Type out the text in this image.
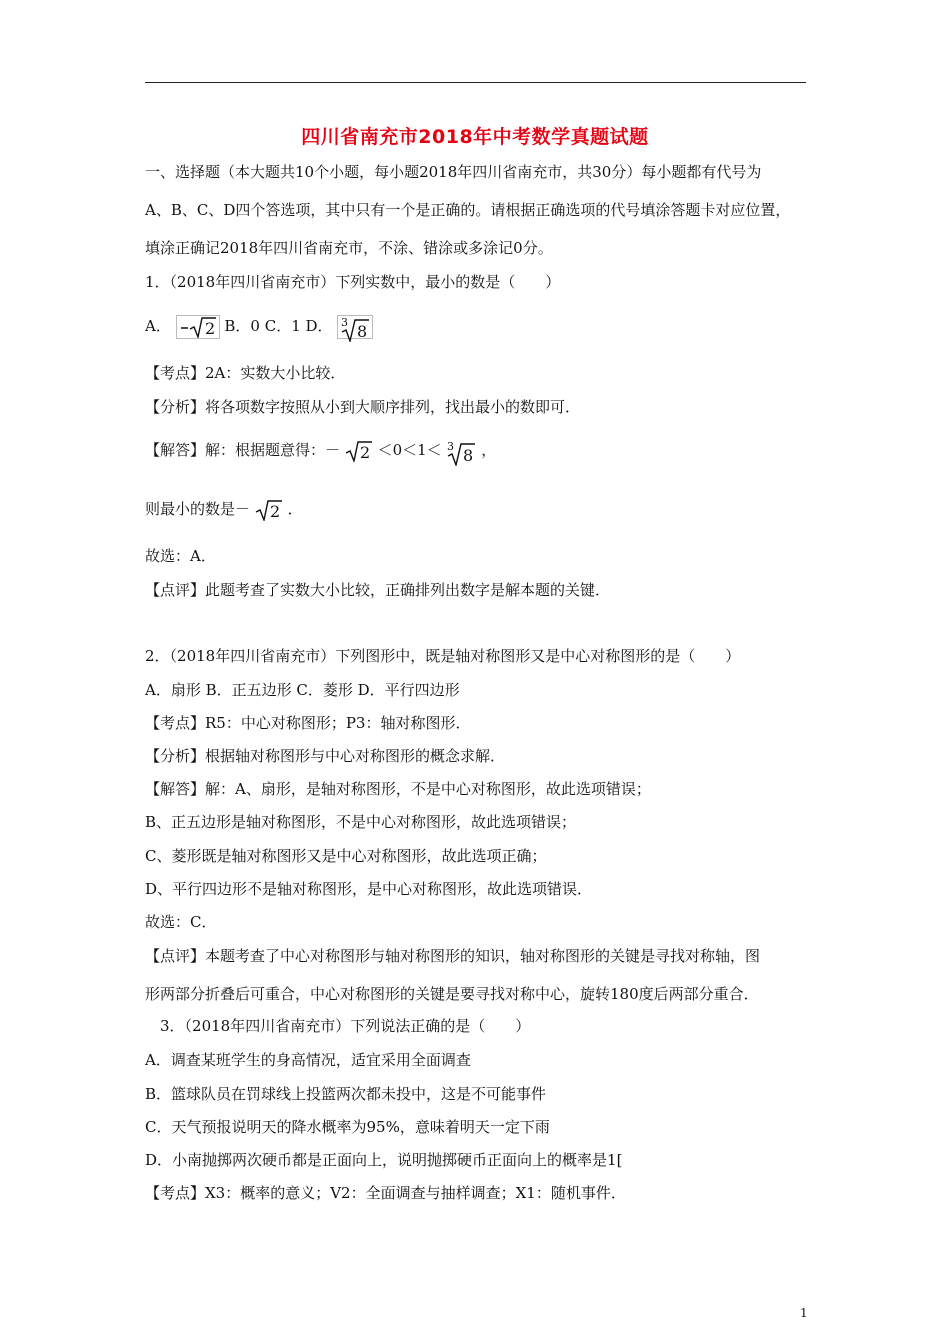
四川省南充市2018年中考数学真题试题
一、选择题（本大题共10个小题，每小题2018年四川省南充市，共30分）每小题都有代号为
A、B、C、D四个答选项，其中只有一个是正确的。请根据正确选项的代号填涂答题卡对应位置，
填涂正确记2018年四川省南充市，不涂、错涂或多涂记0分。
1．（2018年四川省南充市）下列实数中，最小的数是（　　）
A． 2 B．0 C．1 D． 3 8
【考点】2A：实数大小比较．
【分析】将各项数字按照从小到大顺序排列，找出最小的数即可．
【解答】解：根据题意得：－ 2 ＜0＜1＜ 3 8 ，
则最小的数是－ 2 ．
故选：A．
【点评】此题考查了实数大小比较，正确排列出数字是解本题的关键．
2．（2018年四川省南充市）下列图形中，既是轴对称图形又是中心对称图形的是（　　）
A．扇形 B．正五边形 C．菱形 D．平行四边形
【考点】R5：中心对称图形；P3：轴对称图形．
【分析】根据轴对称图形与中心对称图形的概念求解．
【解答】解：A、扇形，是轴对称图形，不是中心对称图形，故此选项错误；
B、正五边形是轴对称图形，不是中心对称图形，故此选项错误；
C、菱形既是轴对称图形又是中心对称图形，故此选项正确；
D、平行四边形不是轴对称图形，是中心对称图形，故此选项错误．
故选：C．
【点评】本题考查了中心对称图形与轴对称图形的知识，轴对称图形的关键是寻找对称轴，图
形两部分折叠后可重合，中心对称图形的关键是要寻找对称中心，旋转180度后两部分重合．
3．（2018年四川省南充市）下列说法正确的是（　　）
A．调查某班学生的身高情况，适宜采用全面调查
B．篮球队员在罚球线上投篮两次都未投中，这是不可能事件
C．天气预报说明天的降水概率为95%，意味着明天一定下雨
D．小南抛掷两次硬币都是正面向上，说明抛掷硬币正面向上的概率是1[
【考点】X3：概率的意义；V2：全面调查与抽样调查；X1：随机事件．
1
